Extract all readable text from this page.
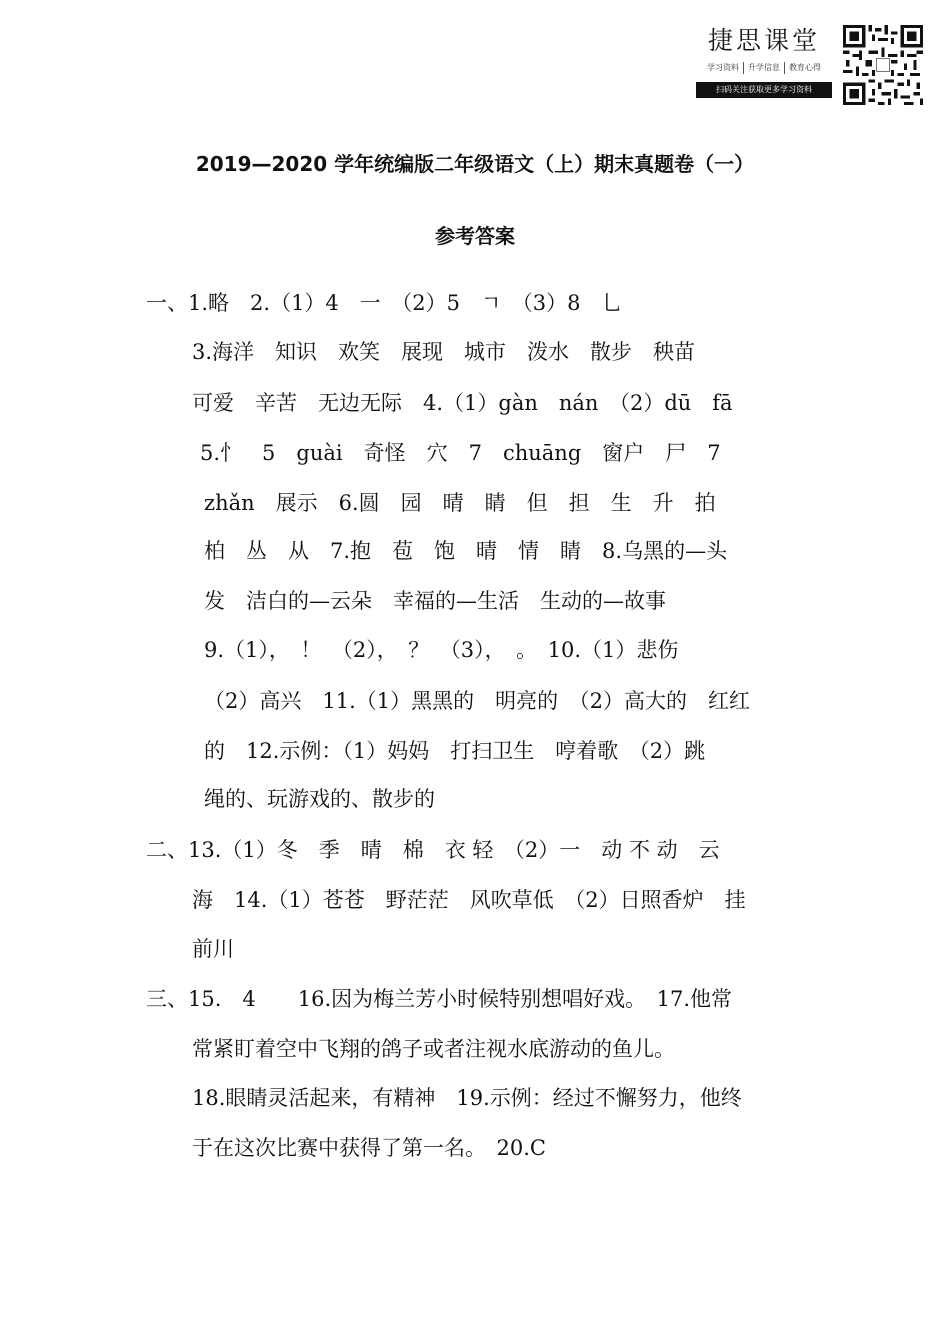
捷思课堂
学习资料	升学信息	教育心得
扫码关注获取更多学习资料
2019—2020 学年统编版二年级语文（上）期末真题卷（一）
参考答案
一、1.略　2.（1）4　一　（2）5　ㄱ　（3）8　乚
3.海洋　知识　欢笑　展现　城市　泼水　散步　秧苗
可爱　辛苦　无边无际　4.（1）gàn　nán　（2）dū　fā
5.忄　5　guài　奇怪　穴　7　chuāng　窗户　尸　7
zhǎn　展示　6.圆　园　晴　睛　但　担　生　升　拍
柏　丛　从　7.抱　苞　饱　晴　情　睛　8.乌黑的—头
发　洁白的—云朵　幸福的—生活　生动的—故事
9.（1），　！　（2），　？　（3），　。　10.（1）悲伤
（2）高兴　11.（1）黑黑的　明亮的　（2）高大的　红红
的　12.示例：（1）妈妈　打扫卫生　哼着歌　（2）跳
绳的、玩游戏的、散步的
二、13.（1）冬　季　晴　棉　衣 轻　（2）一　动 不 动　云
海　14.（1）苍苍　野茫茫　风吹草低　（2）日照香炉　挂
前川
三、15.　4　　16.因为梅兰芳小时候特别想唱好戏。　17.他常
常紧盯着空中飞翔的鸽子或者注视水底游动的鱼儿。
18.眼睛灵活起来，有精神　19.示例：经过不懈努力，他终
于在这次比赛中获得了第一名。　20.C
